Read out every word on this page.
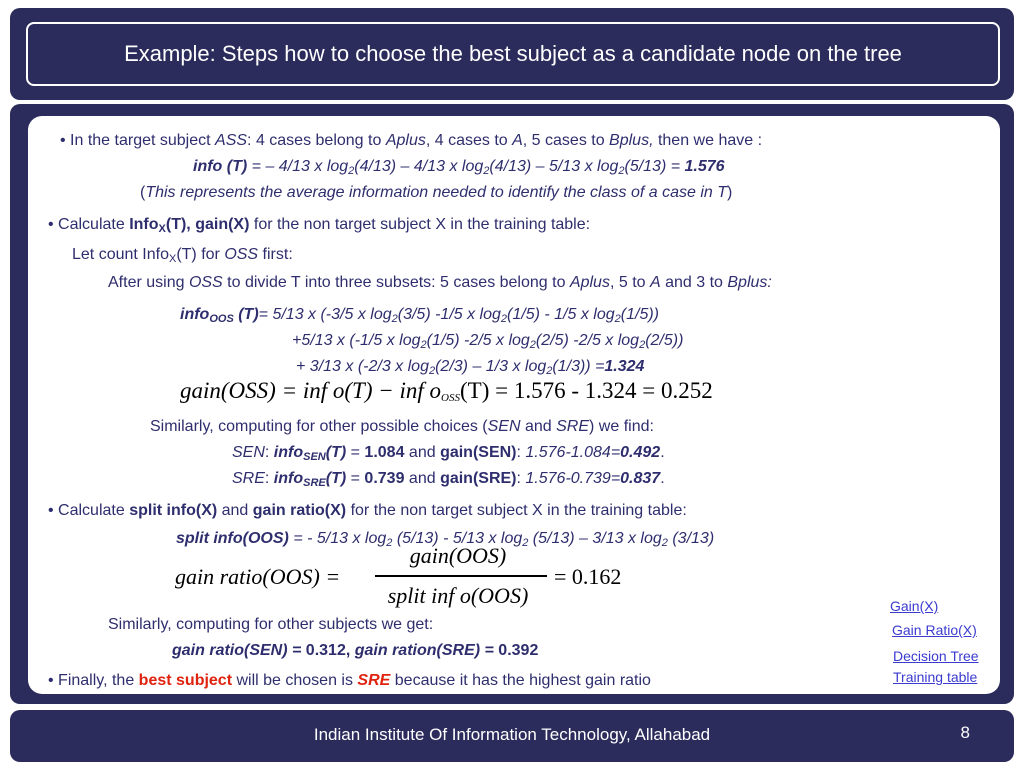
Example: Steps how to choose the best subject as a candidate node on the tree
• In the target subject ASS: 4 cases belong to Aplus, 4 cases to A, 5 cases to Bplus, then we have :
info (T) = – 4/13 x $\log_2(4/13) - 4/13$ x $\log_2(4/13) - 5/13$ x $\log_2(5/13) = 1.576$
(This represents the average information needed to identify the class of a case in T)
• Calculate Info$_X$(T), gain(X) for the non target subject X in the training table:
Let count Info$_X$(T) for OSS first:
After using OSS to divide T into three subsets: 5 cases belong to Aplus, 5 to A and 3 to Bplus:
info$_{OOS}$ (T)= 5/13 x (-3/5 x $\log_2(3/5)$ -1/5 x $\log_2(1/5) - 1/5$ x $\log_2(1/5)$)
+5/13 x (-1/5 x $\log_2(1/5)$ -2/5 x $\log_2(2/5)$ -2/5 x $\log_2(2/5)$)
+ 3/13 x (-2/3 x $\log_2(2/3) - 1/3$ x $\log_2(1/3)) =1.324$
gain(OSS) = inf o(T) − inf $o_{OSS}(T) = 1.576 - 1.324 = 0.252$
Similarly, computing for other possible choices (SEN and SRE) we find:
SEN: info$_{SEN}$(T) = 1.084 and gain(SEN): 1.576-1.084=0.492.
SRE: info$_{SRE}$(T) = 0.739 and gain(SRE): 1.576-0.739=0.837.
• Calculate split info(X) and gain ratio(X) for the non target subject X in the training table:
split info(OOS) = - 5/13 x $\log_2 (5/13) - 5/13$ x $\log_2 (5/13) - 3/13$ x $\log_2 (3/13)$
gain ratio(OOS) =
gain(OOS)
split inf o(OOS)
= 0.162
Similarly, computing for other subjects we get:
gain ratio(SEN) = 0.312, gain ration(SRE) = 0.392
• Finally, the best subject will be chosen is SRE because it has the highest gain ratio
Gain(X)
Gain Ratio(X)
Decision Tree
Training table
Indian Institute Of Information Technology, Allahabad	8
